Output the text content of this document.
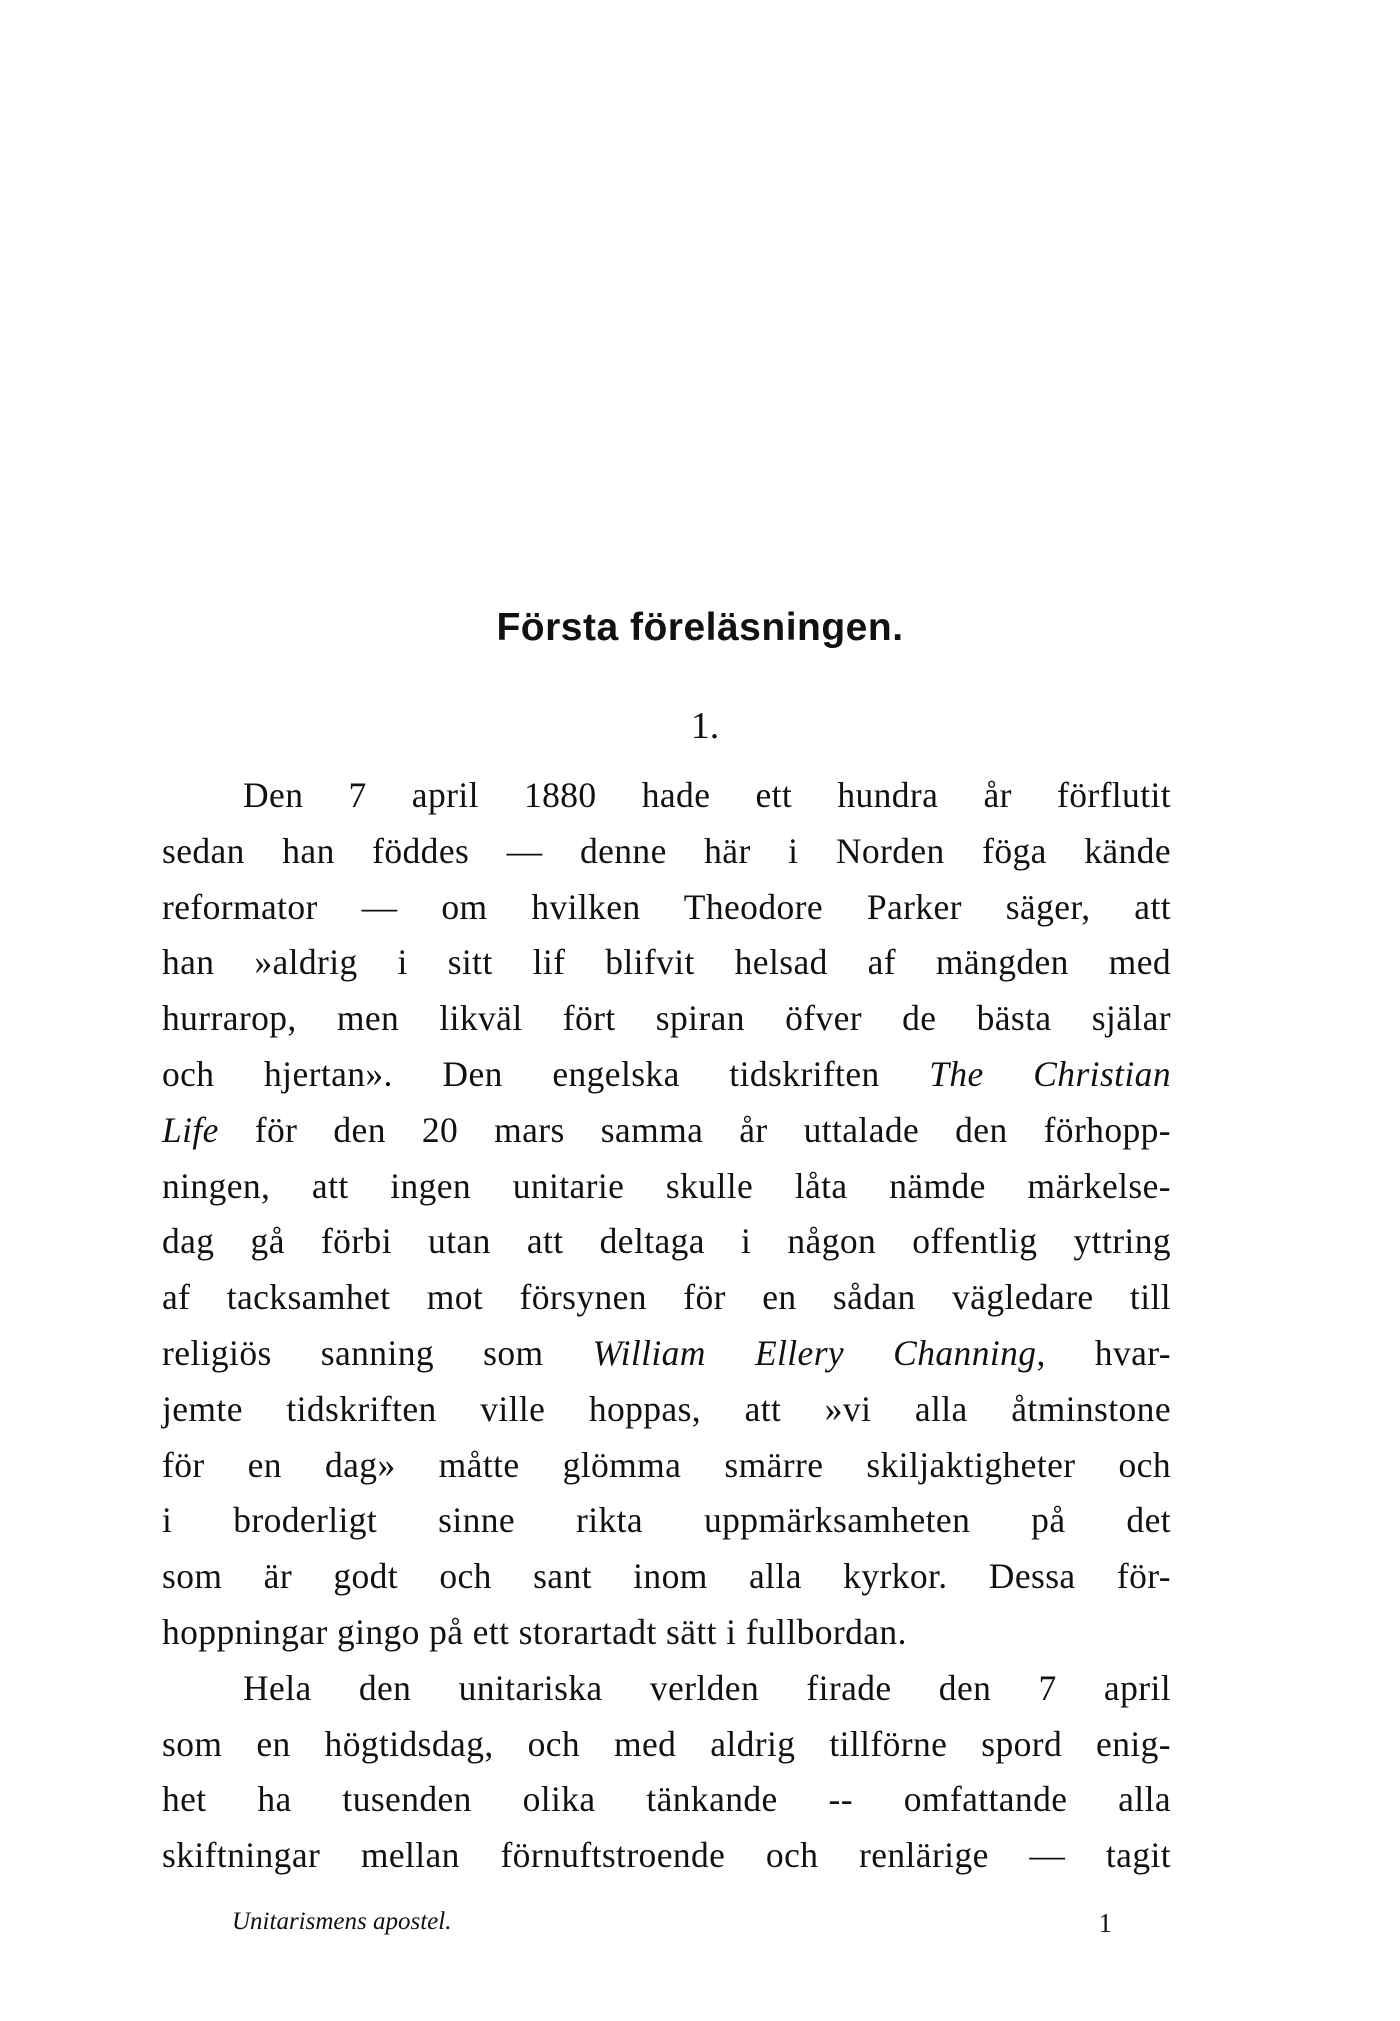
Första föreläsningen.
1.
Den 7 april 1880 hade ett hundra år förflutit
sedan han föddes — denne här i Norden föga kände
reformator — om hvilken Theodore Parker säger, att
han »aldrig i sitt lif blifvit helsad af mängden med
hurrarop, men likväl fört spiran öfver de bästa själar
och hjertan». Den engelska tidskriften The Christian
Life för den 20 mars samma år uttalade den förhopp-
ningen, att ingen unitarie skulle låta nämde märkelse-
dag gå förbi utan att deltaga i någon offentlig yttring
af tacksamhet mot försynen för en sådan vägledare till
religiös sanning som William Ellery Channing, hvar-
jemte tidskriften ville hoppas, att »vi alla åtminstone
för en dag» måtte glömma smärre skiljaktigheter och
i broderligt sinne rikta uppmärksamheten på det
som är godt och sant inom alla kyrkor. Dessa för-
hoppningar gingo på ett storartadt sätt i fullbordan.
Hela den unitariska verlden firade den 7 april
som en högtidsdag, och med aldrig tillförne spord enig-
het ha tusenden olika tänkande -- omfattande alla
skiftningar mellan förnuftstroende och renlärige — tagit
Unitarismens apostel.	1
